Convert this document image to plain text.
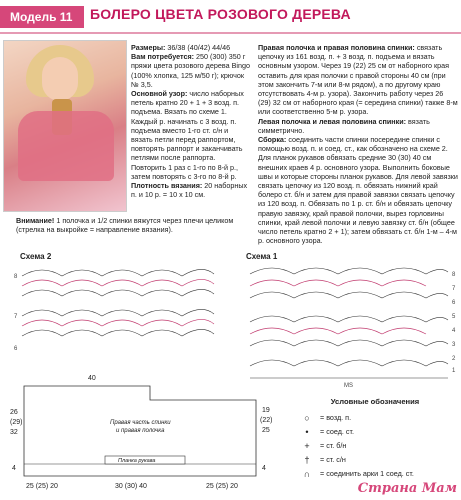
Модель 11	БОЛЕРО ЦВЕТА РОЗОВОГО ДЕРЕВА
Размеры: 36/38 (40/42) 44/46
Вам потребуется: 250 (300) 350 г пряжи цвета розового дерева Bingo (100% хлопка, 125 м/50 г); крючок № 3,5.
Основной узор: число наборных петель кратно 20 + 1 + 3 возд. п. подъема. Вязать по схеме 1. Каждый р. начинать с 3 возд. п. подъема вместо 1-го ст. с/н и вязать петли перед раппортом, повторять раппорт и заканчивать петлями после раппорта. Повторить 1 раз с 1-го по 8-й р., затем повторять с 3-го по 8-й р.
Плотность вязания: 20 наборных п. и 10 р. = 10 х 10 см.
Правая полочка и правая половина спинки: связать цепочку из 161 возд. п. + 3 возд. п. подъема и вязать основным узором. Через 19 (22) 25 см от наборного края оставить для края полочки с правой стороны 40 см (при этом закончить 7-м или 8-м рядом), а по другому краю отсутствовать 4-м р. узора). Закончить работу через 26 (29) 32 см от наборного края (= середина спинки) также 8-м или соответственно 5-м р. узора.
Левая полочка и левая половина спинки: вязать симметрично.
Сборка: соединить части спинки посередине спинки с помощью возд. п. и соед. ст., как обозначено на схеме 2. Для планок рукавов обвязать средние 30 (30) 40 см внешних краев 4 р. основного узора. Выполнить боковые швы и которые стороны планок рукавов. Для левой завязки связать цепочку из 120 возд. п. обвязать нижний край болеро ст. б/н и затем для правой завязки связать цепочку из 120 возд. п. Обвязать по 1 р. ст. б/н и обвязать цепочку правую завязку, край правой полочки, вырез горловины спинки, край левой полочки и левую завязку ст. б/н (общее число петель кратно 2 + 1); затем обвязать ст. б/н 1-м – 4-м р. основного узора.
Внимание! 1 полочка и 1/2 спинки вяжутся через плечи целиком (стрелка на выкройке = направление вязания).
Схема 2	Схема 1
8
7
6
8
7
6
5
4
3
2
1
MS
40
26
(29)
32
4
19
(22)
25
25 (25) 20	30 (30) 40	25 (25) 20
4
Планка рукава
Правая часть спинки
и правая полочка
Условные обозначения
○	= возд. п.
•	= соед. ст.
+	= ст. б/н
†	= ст. с/н
∩	= соединить арки 1 соед. ст.
Страна Мам
